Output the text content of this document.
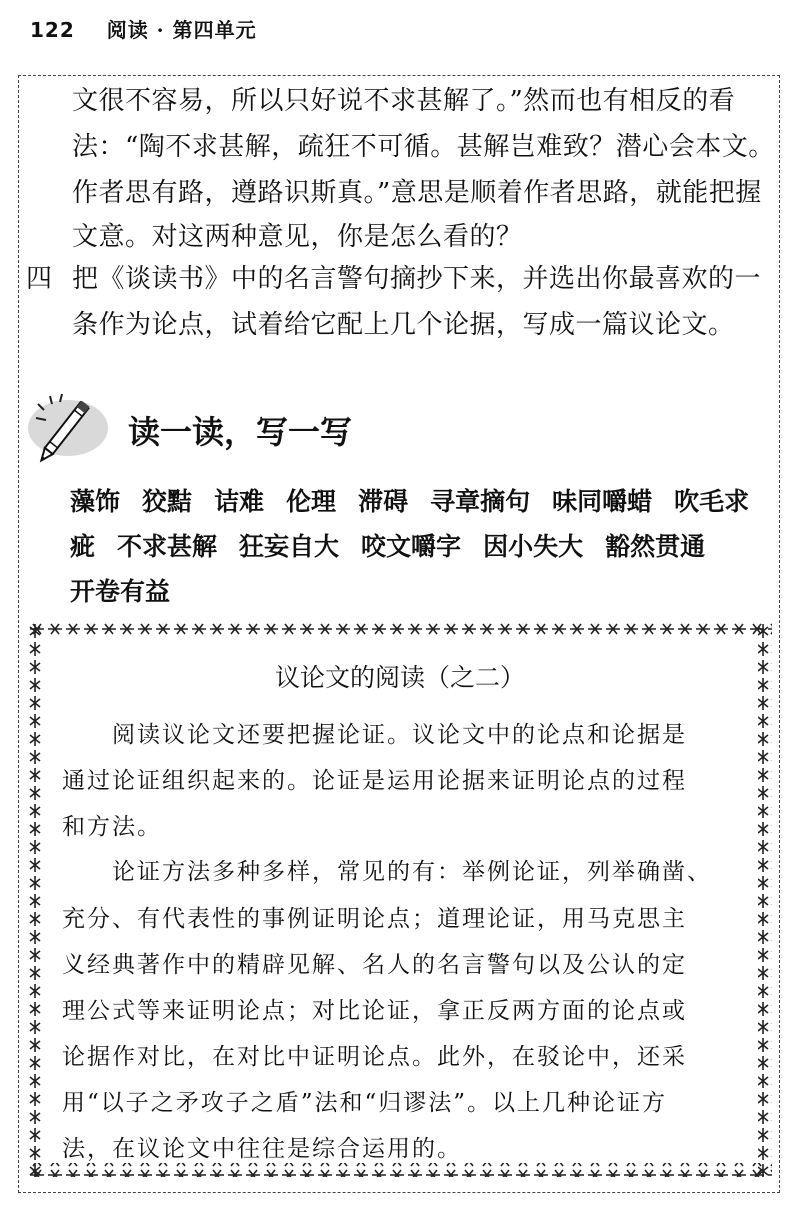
122 阅读 · 第四单元
文很不容易，所以只好说不求甚解了。”然而也有相反的看
法：“陶不求甚解，疏狂不可循。甚解岂难致？潜心会本文。
作者思有路，遵路识斯真。”意思是顺着作者思路，就能把握
文意。对这两种意见，你是怎么看的？
四 把《谈读书》中的名言警句摘抄下来，并选出你最喜欢的一
条作为论点，试着给它配上几个论据，写成一篇议论文。
读一读，写一写
藻饰 狡黠 诘难 伦理 滞碍 寻章摘句 味同嚼蜡 吹毛求
疵 不求甚解 狂妄自大 咬文嚼字 因小失大 豁然贯通
开卷有益
议论文的阅读（之二）
阅读议论文还要把握论证。议论文中的论点和论据是
通过论证组织起来的。论证是运用论据来证明论点的过程
和方法。
论证方法多种多样，常见的有：举例论证，列举确凿、
充分、有代表性的事例证明论点；道理论证，用马克思主
义经典著作中的精辟见解、名人的名言警句以及公认的定
理公式等来证明论点；对比论证，拿正反两方面的论点或
论据作对比，在对比中证明论点。此外，在驳论中，还采
用“以子之矛攻子之盾”法和“归谬法”。以上几种论证方
法，在议论文中往往是综合运用的。
